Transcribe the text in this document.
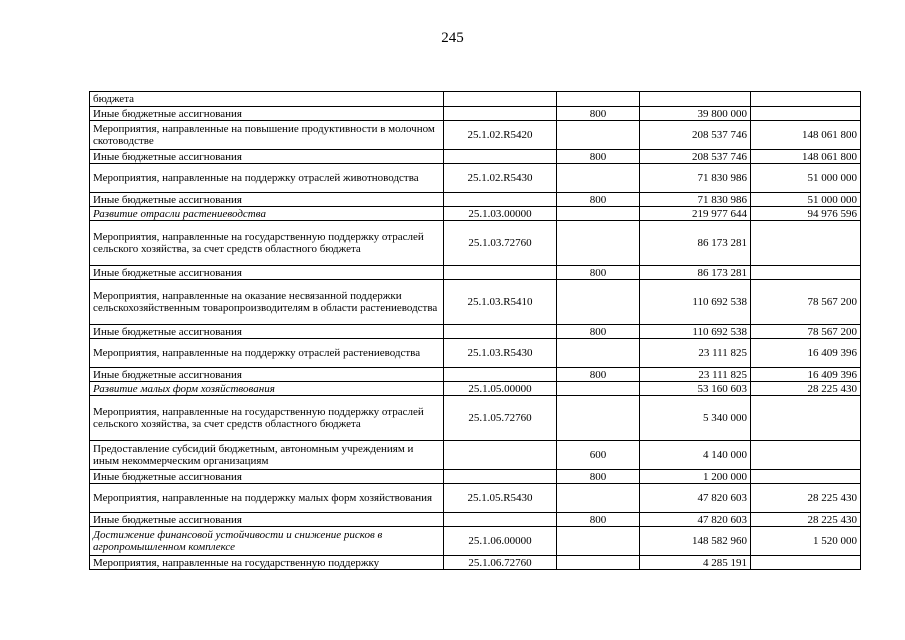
245
бюджета				
Иные бюджетные ассигнования		800	39 800 000	
Мероприятия, направленные на повышение продуктивности в молочном скотоводстве	25.1.02.R5420		208 537 746	148 061 800
Иные бюджетные ассигнования		800	208 537 746	148 061 800
Мероприятия, направленные на поддержку отраслей животноводства	25.1.02.R5430		71 830 986	51 000 000
Иные бюджетные ассигнования		800	71 830 986	51 000 000
Развитие отрасли растениеводства	25.1.03.00000		219 977 644	94 976 596
Мероприятия, направленные на государственную поддержку отраслей сельского хозяйства, за счет средств областного бюджета	25.1.03.72760		86 173 281	
Иные бюджетные ассигнования		800	86 173 281	
Мероприятия, направленные на оказание несвязанной поддержки сельскохозяйственным товаропроизводителям в области растениеводства	25.1.03.R5410		110 692 538	78 567 200
Иные бюджетные ассигнования		800	110 692 538	78 567 200
Мероприятия, направленные на поддержку отраслей растениеводства	25.1.03.R5430		23 111 825	16 409 396
Иные бюджетные ассигнования		800	23 111 825	16 409 396
Развитие малых форм хозяйствования	25.1.05.00000		53 160 603	28 225 430
Мероприятия, направленные на государственную поддержку отраслей сельского хозяйства, за счет средств областного бюджета	25.1.05.72760		5 340 000	
Предоставление субсидий бюджетным, автономным учреждениям и иным некоммерческим организациям		600	4 140 000	
Иные бюджетные ассигнования		800	1 200 000	
Мероприятия, направленные на поддержку малых форм хозяйствования	25.1.05.R5430		47 820 603	28 225 430
Иные бюджетные ассигнования		800	47 820 603	28 225 430
Достижение финансовой устойчивости и снижение рисков в агропромышленном комплексе	25.1.06.00000		148 582 960	1 520 000
Мероприятия, направленные на государственную поддержку	25.1.06.72760		4 285 191	
